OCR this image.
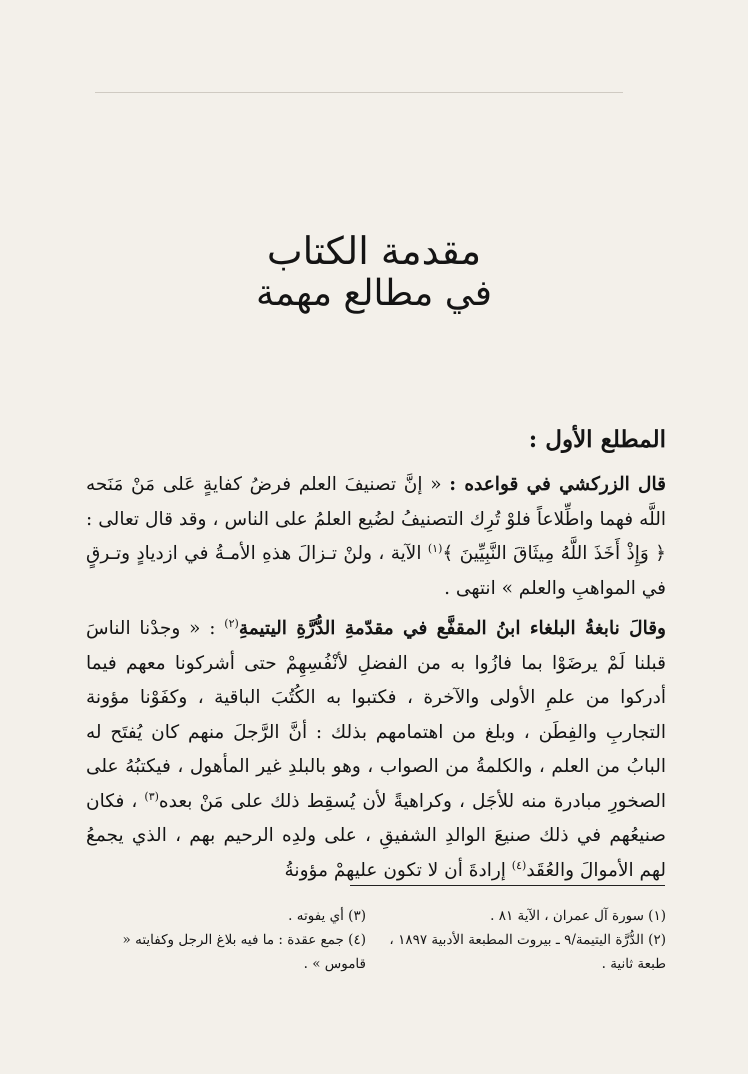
مقدمة الكتاب

في مطالع مهمة

المطلع الأول :

قال الزركشي في قواعده : « إنَّ تصنيفَ العلم فرضُ كفايةٍ عَلى مَنْ مَنَحه اللَّه فهما واطِّلاعاً فلوْ تُرِك التصنيفُ لضُيع العلمُ على الناس ، وقد قال تعالى : ﴿ وَإِذْ أَخَذَ اللَّهُ مِيثَاقَ النَّبِيِّينَ ﴾$^{(١)}$ الآية ، ولنْ تـزالَ هذهِ الأمـةُ في ازديادٍ وتـرقٍ في المواهبِ والعلم » انتهى .

وقالَ نابغةُ البلغاء ابنُ المقفَّع في مقدّمةِ الدُّرَّةِ اليتيمةِ$^{(٢)}$ : « وجدْنا الناسَ قبلنا لَمْ يرضَوْا بما فازُوا به من الفضلِ لأنْفُسِهِمْ حتى أشركونا معهم فيما أدركوا من علمِ الأولى والآخرة ، فكتبوا به الكُتُبَ الباقية ، وكفَوْنا مؤونة التجاربِ والفِطَن ، وبلغ من اهتمامهم بذلك : أنَّ الرَّجلَ منهم كان يُفتَح له البابُ من العلم ، والكلمةُ من الصواب ، وهو بالبلدِ غير المأهول ، فيكتبُهُ على الصخورِ مبادرة منه للأجَل ، وكراهيةً لأن يُسقِط ذلك على مَنْ بعده$^{(٣)}$ ، فكان صنيعُهم في ذلك صنيعَ الوالدِ الشفيقِ ، على ولدِه الرحيم بهم ، الذي يجمعُ لهم الأموالَ والعُقَد$^{(٤)}$ إرادةَ أن لا تكون عليهمْ مؤونةُ

(١) سورة آل عمران ، الآية ٨١ .
(٣) أي يفوته .
(٢) الدُّرَّة اليتيمة/٩ ـ بيروت المطبعة الأدبية ١٨٩٧ ، طبعة ثانية .
(٤) جمع عقدة : ما فيه بلاغ الرجل وكفايته « قاموس » .
